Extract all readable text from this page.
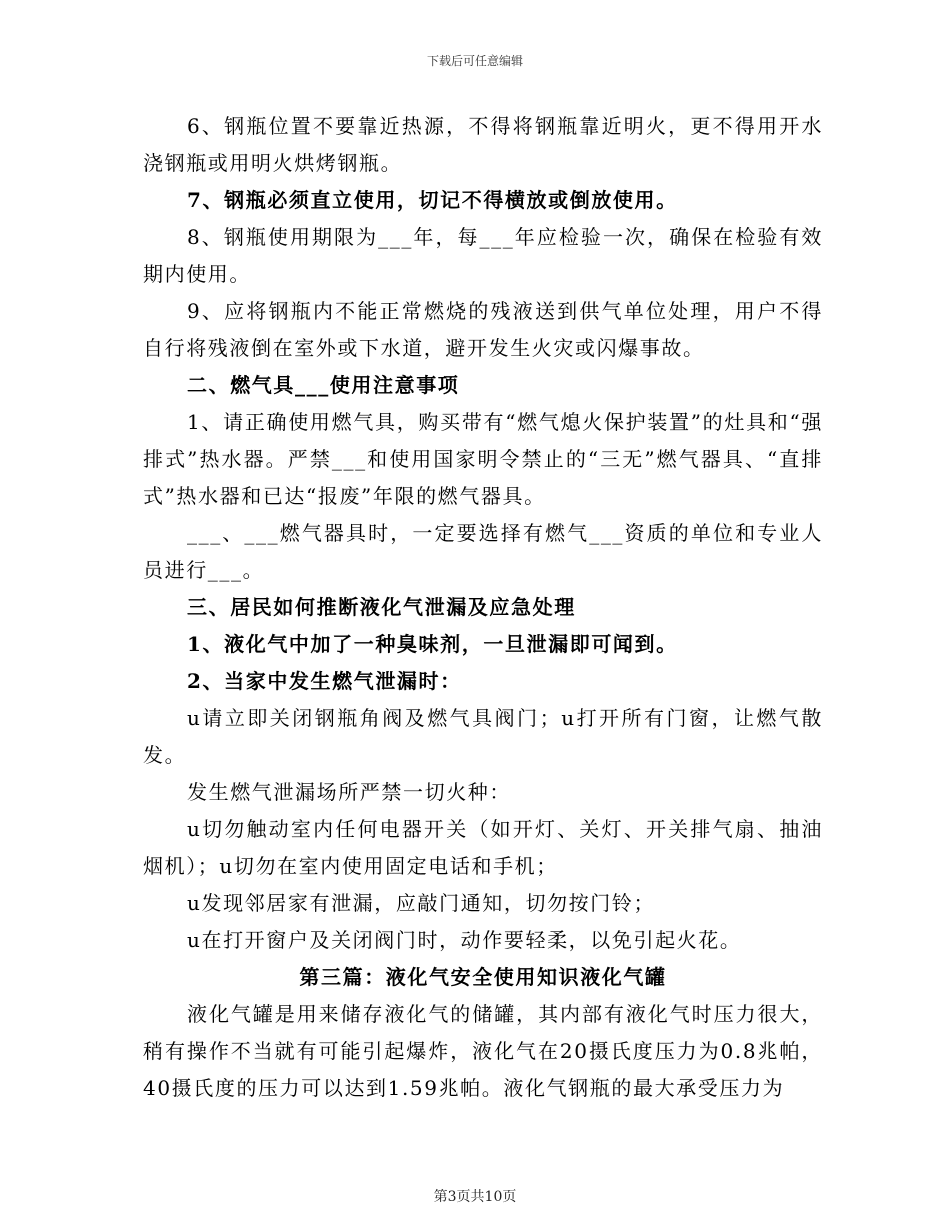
下载后可任意编辑

6、钢瓶位置不要靠近热源，不得将钢瓶靠近明火，更不得用开水浇钢瓶或用明火烘烤钢瓶。

7、钢瓶必须直立使用，切记不得横放或倒放使用。

8、钢瓶使用期限为___年，每___年应检验一次，确保在检验有效期内使用。

9、应将钢瓶内不能正常燃烧的残液送到供气单位处理，用户不得自行将残液倒在室外或下水道，避开发生火灾或闪爆事故。

二、燃气具___使用注意事项

1、请正确使用燃气具，购买带有“燃气熄火保护装置”的灶具和“强排式”热水器。严禁___和使用国家明令禁止的“三无”燃气器具、“直排式”热水器和已达“报废”年限的燃气器具。

___、___燃气器具时，一定要选择有燃气___资质的单位和专业人员进行___。

三、居民如何推断液化气泄漏及应急处理

1、液化气中加了一种臭味剂，一旦泄漏即可闻到。

2、当家中发生燃气泄漏时：

u请立即关闭钢瓶角阀及燃气具阀门；u打开所有门窗，让燃气散发。

发生燃气泄漏场所严禁一切火种：

u切勿触动室内任何电器开关（如开灯、关灯、开关排气扇、抽油烟机）；u切勿在室内使用固定电话和手机；

u发现邻居家有泄漏，应敲门通知，切勿按门铃；

u在打开窗户及关闭阀门时，动作要轻柔，以免引起火花。

第三篇：液化气安全使用知识液化气罐

液化气罐是用来储存液化气的储罐，其内部有液化气时压力很大，稍有操作不当就有可能引起爆炸，液化气在20摄氏度压力为0.8兆帕，40摄氏度的压力可以达到1.59兆帕。液化气钢瓶的最大承受压力为

第3页共10页
